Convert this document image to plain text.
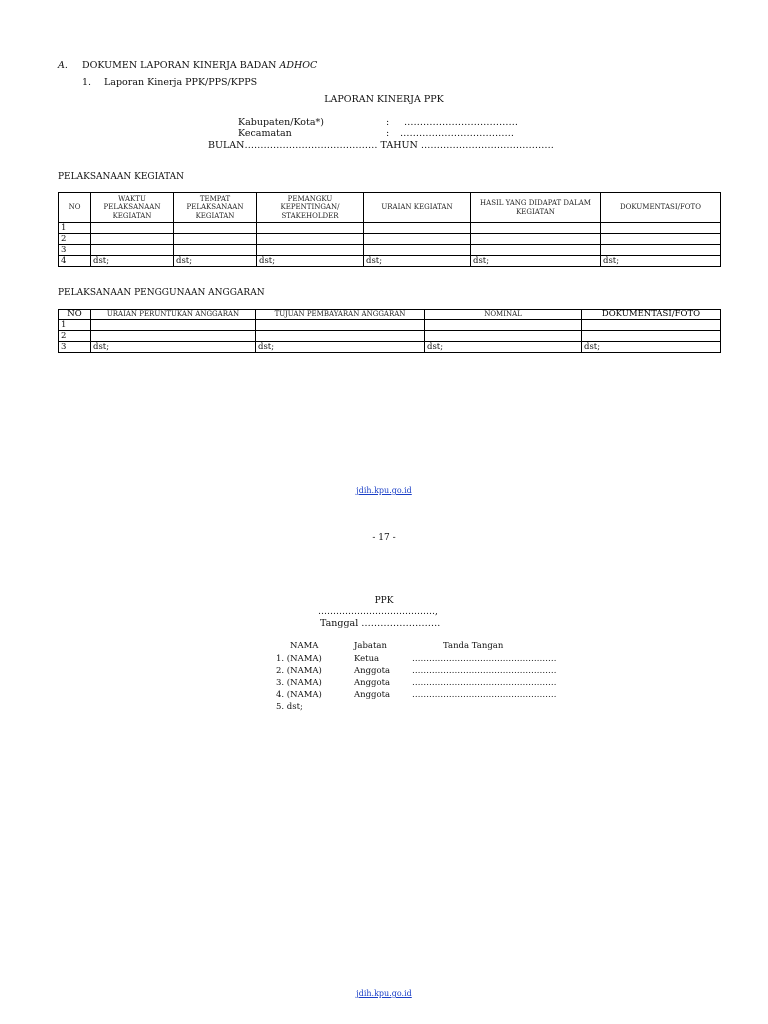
A. DOKUMEN LAPORAN KINERJA BADAN ADHOC
1. Laporan Kinerja PPK/PPS/KPPS
LAPORAN KINERJA PPK
Kabupaten/Kota*)	: ………………………………
Kecamatan	: ………………………………
BULAN…………………………………… TAHUN ……………………………………
PELAKSANAAN KEGIATAN
NO	WAKTU PELAKSANAAN KEGIATAN	TEMPAT PELAKSANAAN KEGIATAN	PEMANGKU KEPENTINGAN/ STAKEHOLDER	URAIAN KEGIATAN	HASIL YANG DIDAPAT DALAM KEGIATAN	DOKUMENTASI/FOTO
1						
2						
3						
4	dst;	dst;	dst;	dst;	dst;	dst;
PELAKSANAAN PENGGUNAAN ANGGARAN
NO	URAIAN PERUNTUKAN ANGGARAN	TUJUAN PEMBAYARAN ANGGARAN	NOMINAL	DOKUMENTASI/FOTO
1				
2				
3	dst;	dst;	dst;	dst;
jdih.kpu.go.id
- 17 -
PPK
…………………………………,
Tanggal …………………….
NAMA	Jabatan	Tanda Tangan
1. (NAMA)	Ketua	……………………………………………
2. (NAMA)	Anggota	……………………………………………
3. (NAMA)	Anggota	……………………………………………
4. (NAMA)	Anggota	……………………………………………
5. dst;
jdih.kpu.go.id
